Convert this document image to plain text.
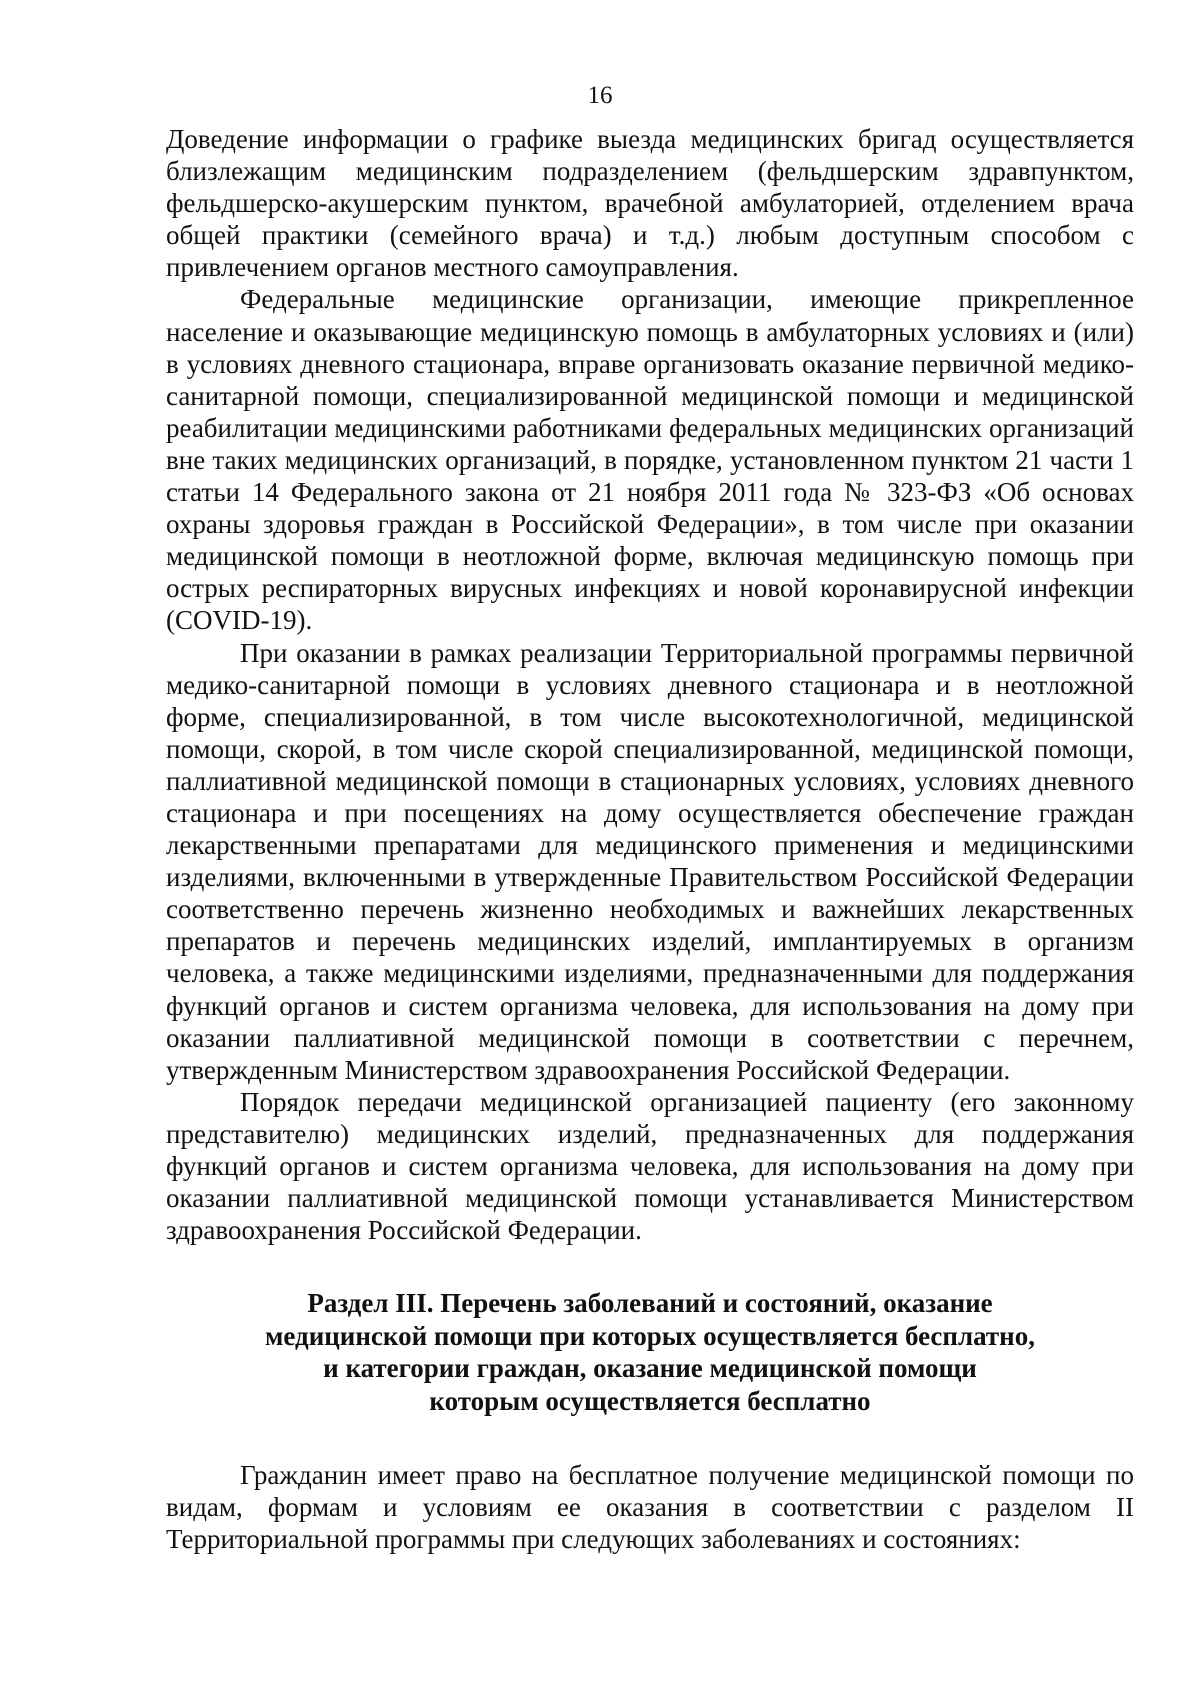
16

Доведение информации о графике выезда медицинских бригад осуществляется близлежащим медицинским подразделением (фельдшерским здравпунктом, фельдшерско-акушерским пунктом, врачебной амбулаторией, отделением врача общей практики (семейного врача) и т.д.) любым доступным способом с привлечением органов местного самоуправления.

Федеральные медицинские организации, имеющие прикрепленное население и оказывающие медицинскую помощь в амбулаторных условиях и (или) в условиях дневного стационара, вправе организовать оказание первичной медико-санитарной помощи, специализированной медицинской помощи и медицинской реабилитации медицинскими работниками федеральных медицинских организаций вне таких медицинских организаций, в порядке, установленном пунктом 21 части 1 статьи 14 Федерального закона от 21 ноября 2011 года № 323-ФЗ «Об основах охраны здоровья граждан в Российской Федерации», в том числе при оказании медицинской помощи в неотложной форме, включая медицинскую помощь при острых респираторных вирусных инфекциях и новой коронавирусной инфекции (COVID-19).

При оказании в рамках реализации Территориальной программы первичной медико-санитарной помощи в условиях дневного стационара и в неотложной форме, специализированной, в том числе высокотехнологичной, медицинской помощи, скорой, в том числе скорой специализированной, медицинской помощи, паллиативной медицинской помощи в стационарных условиях, условиях дневного стационара и при посещениях на дому осуществляется обеспечение граждан лекарственными препаратами для медицинского применения и медицинскими изделиями, включенными в утвержденные Правительством Российской Федерации соответственно перечень жизненно необходимых и важнейших лекарственных препаратов и перечень медицинских изделий, имплантируемых в организм человека, а также медицинскими изделиями, предназначенными для поддержания функций органов и систем организма человека, для использования на дому при оказании паллиативной медицинской помощи в соответствии с перечнем, утвержденным Министерством здравоохранения Российской Федерации.

Порядок передачи медицинской организацией пациенту (его законному представителю) медицинских изделий, предназначенных для поддержания функций органов и систем организма человека, для использования на дому при оказании паллиативной медицинской помощи устанавливается Министерством здравоохранения Российской Федерации.

Раздел III. Перечень заболеваний и состояний, оказание
медицинской помощи при которых осуществляется бесплатно,
и категории граждан, оказание медицинской помощи
которым осуществляется бесплатно

Гражданин имеет право на бесплатное получение медицинской помощи по видам, формам и условиям ее оказания в соответствии с разделом II Территориальной программы при следующих заболеваниях и состояниях:
